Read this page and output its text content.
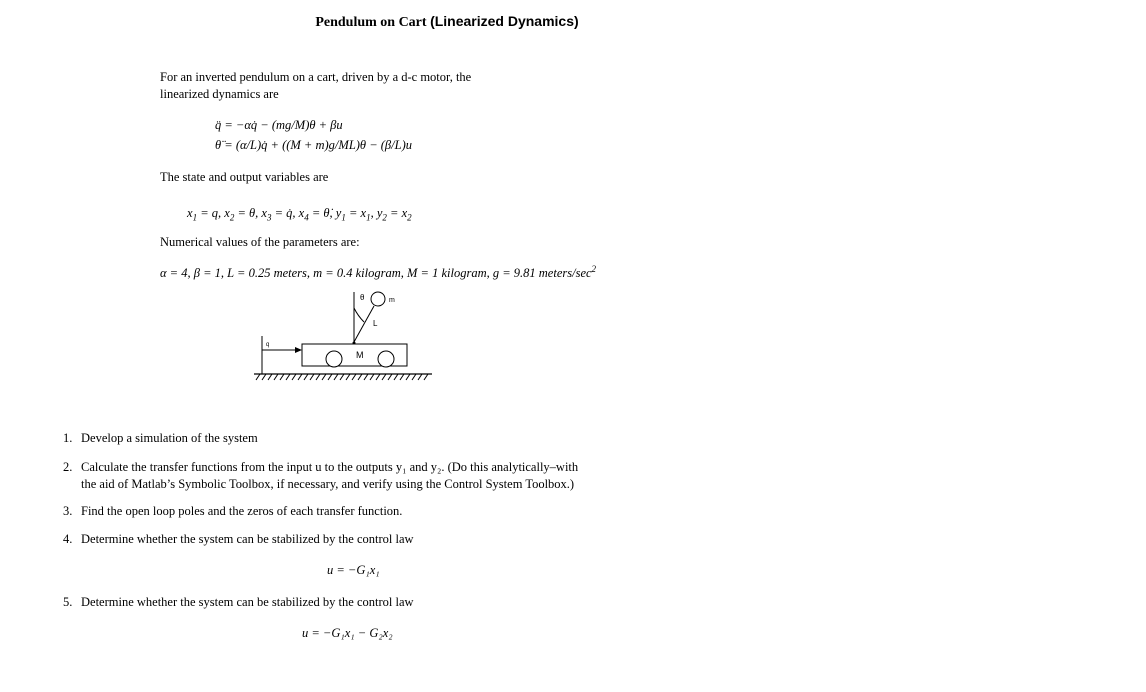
Pendulum on Cart (Linearized Dynamics)
For an inverted pendulum on a cart, driven by a d-c motor, the
linearized dynamics are
q̈ = −αq̇ − (mg/M)θ + βu
θ̈ = (α/L)q̇ + ((M + m)g/ML)θ − (β/L)u
The state and output variables are
$x_1 = q$, $x_2 = \theta$, $x_3$ = q̇, $x_4$ = θ̇, $y_1 = x_1$, $y_2 = x_2$
Numerical values of the parameters are:
α = 4, β = 1, L = 0.25 meters, m = 0.4 kilogram, M = 1 kilogram, g = 9.81 meters/$\sec^2$
θ	m
L
M
q
1. Develop a simulation of the system
2. Calculate the transfer functions from the input u to the outputs y₁ and y₂. (Do this analytically–with
the aid of Matlab’s Symbolic Toolbox, if necessary, and verify using the Control System Toolbox.)
3. Find the open loop poles and the zeros of each transfer function.
4. Determine whether the system can be stabilized by the control law
u = −G₁x₁
5. Determine whether the system can be stabilized by the control law
u = −G₁x₁ − G₂x₂
